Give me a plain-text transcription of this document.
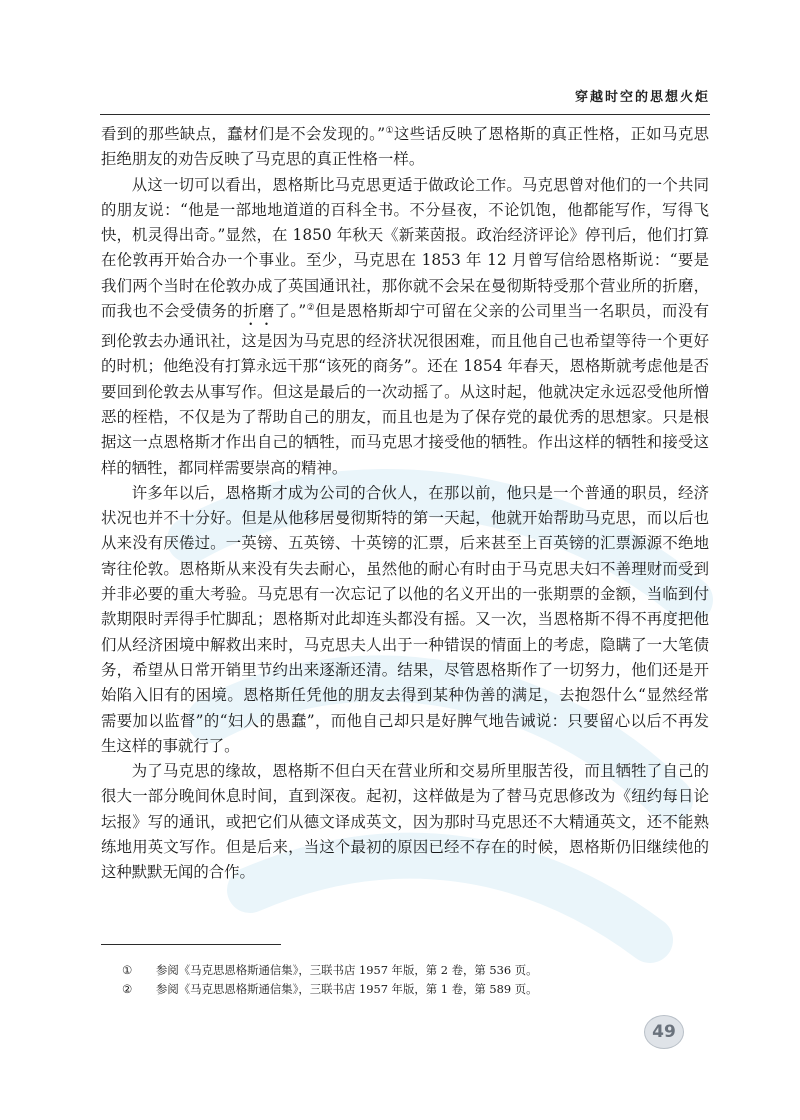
穿越时空的思想火炬

看到的那些缺点，蠢材们是不会发现的。”①这些话反映了恩格斯的真正性格，正如马克思拒绝朋友的劝告反映了马克思的真正性格一样。

从这一切可以看出，恩格斯比马克思更适于做政论工作。马克思曾对他们的一个共同的朋友说：“他是一部地地道道的百科全书。不分昼夜，不论饥饱，他都能写作，写得飞快，机灵得出奇。”显然，在 1850 年秋天《新莱茵报。政治经济评论》停刊后，他们打算在伦敦再开始合办一个事业。至少，马克思在 1853 年 12 月曾写信给恩格斯说：“要是我们两个当时在伦敦办成了英国通讯社，那你就不会呆在曼彻斯特受那个营业所的折磨，而我也不会受债务的折磨了。”②但是恩格斯却宁可留在父亲的公司里当一名职员，而没有到伦敦去办通讯社，这是因为马克思的经济状况很困难，而且他自己也希望等待一个更好的时机；他绝没有打算永远干那“该死的商务”。还在 1854 年春天，恩格斯就考虑他是否要回到伦敦去从事写作。但这是最后的一次动摇了。从这时起，他就决定永远忍受他所憎恶的桎梏，不仅是为了帮助自己的朋友，而且也是为了保存党的最优秀的思想家。只是根据这一点恩格斯才作出自己的牺牲，而马克思才接受他的牺牲。作出这样的牺牲和接受这样的牺牲，都同样需要崇高的精神。

许多年以后，恩格斯才成为公司的合伙人，在那以前，他只是一个普通的职员，经济状况也并不十分好。但是从他移居曼彻斯特的第一天起，他就开始帮助马克思，而以后也从来没有厌倦过。一英镑、五英镑、十英镑的汇票，后来甚至上百英镑的汇票源源不绝地寄往伦敦。恩格斯从来没有失去耐心，虽然他的耐心有时由于马克思夫妇不善理财而受到并非必要的重大考验。马克思有一次忘记了以他的名义开出的一张期票的金额，当临到付款期限时弄得手忙脚乱；恩格斯对此却连头都没有摇。又一次，当恩格斯不得不再度把他们从经济困境中解救出来时，马克思夫人出于一种错误的情面上的考虑，隐瞒了一大笔债务，希望从日常开销里节约出来逐渐还清。结果，尽管恩格斯作了一切努力，他们还是开始陷入旧有的困境。恩格斯任凭他的朋友去得到某种伪善的满足，去抱怨什么“显然经常需要加以监督”的“妇人的愚蠢”，而他自己却只是好脾气地告诫说：只要留心以后不再发生这样的事就行了。

为了马克思的缘故，恩格斯不但白天在营业所和交易所里服苦役，而且牺牲了自己的很大一部分晚间休息时间，直到深夜。起初，这样做是为了替马克思修改为《纽约每日论坛报》写的通讯，或把它们从德文译成英文，因为那时马克思还不大精通英文，还不能熟练地用英文写作。但是后来，当这个最初的原因已经不存在的时候，恩格斯仍旧继续他的这种默默无闻的合作。

①	参阅《马克思恩格斯通信集》，三联书店 1957 年版，第 2 卷，第 536 页。
②	参阅《马克思恩格斯通信集》，三联书店 1957 年版，第 1 卷，第 589 页。
49
